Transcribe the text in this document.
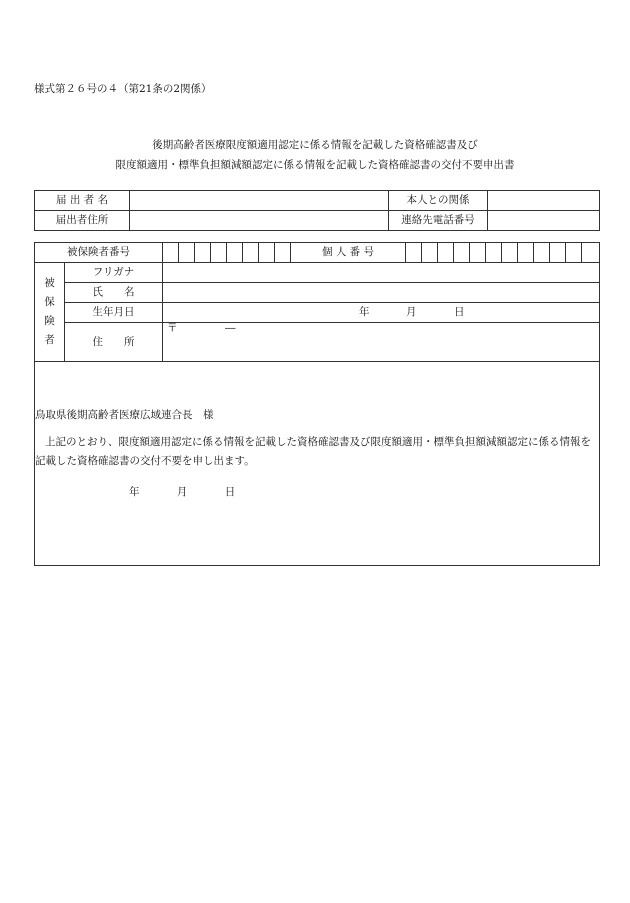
様式第２６号の４（第21条の2関係）
後期高齢者医療限度額適用認定に係る情報を記載した資格確認書及び
限度額適用・標準負担額減額認定に係る情報を記載した資格確認書の交付不要申出書
届 出 者 名		本人との関係	
届出者住所		連絡先電話番号	
被保険者番号										個 人 番 号												

被
保
険
者	フリガナ																					
	氏　　名																					
	生年月日	年 月 日																				

	住　　所	〒 ―																				
鳥取県後期高齢者医療広域連合長　様
上記のとおり、限度額適用認定に係る情報を記載した資格確認書及び限度額適用・標準負担額減額認定に係る情報を記載した資格確認書の交付不要を申し出ます。
年	月	日
